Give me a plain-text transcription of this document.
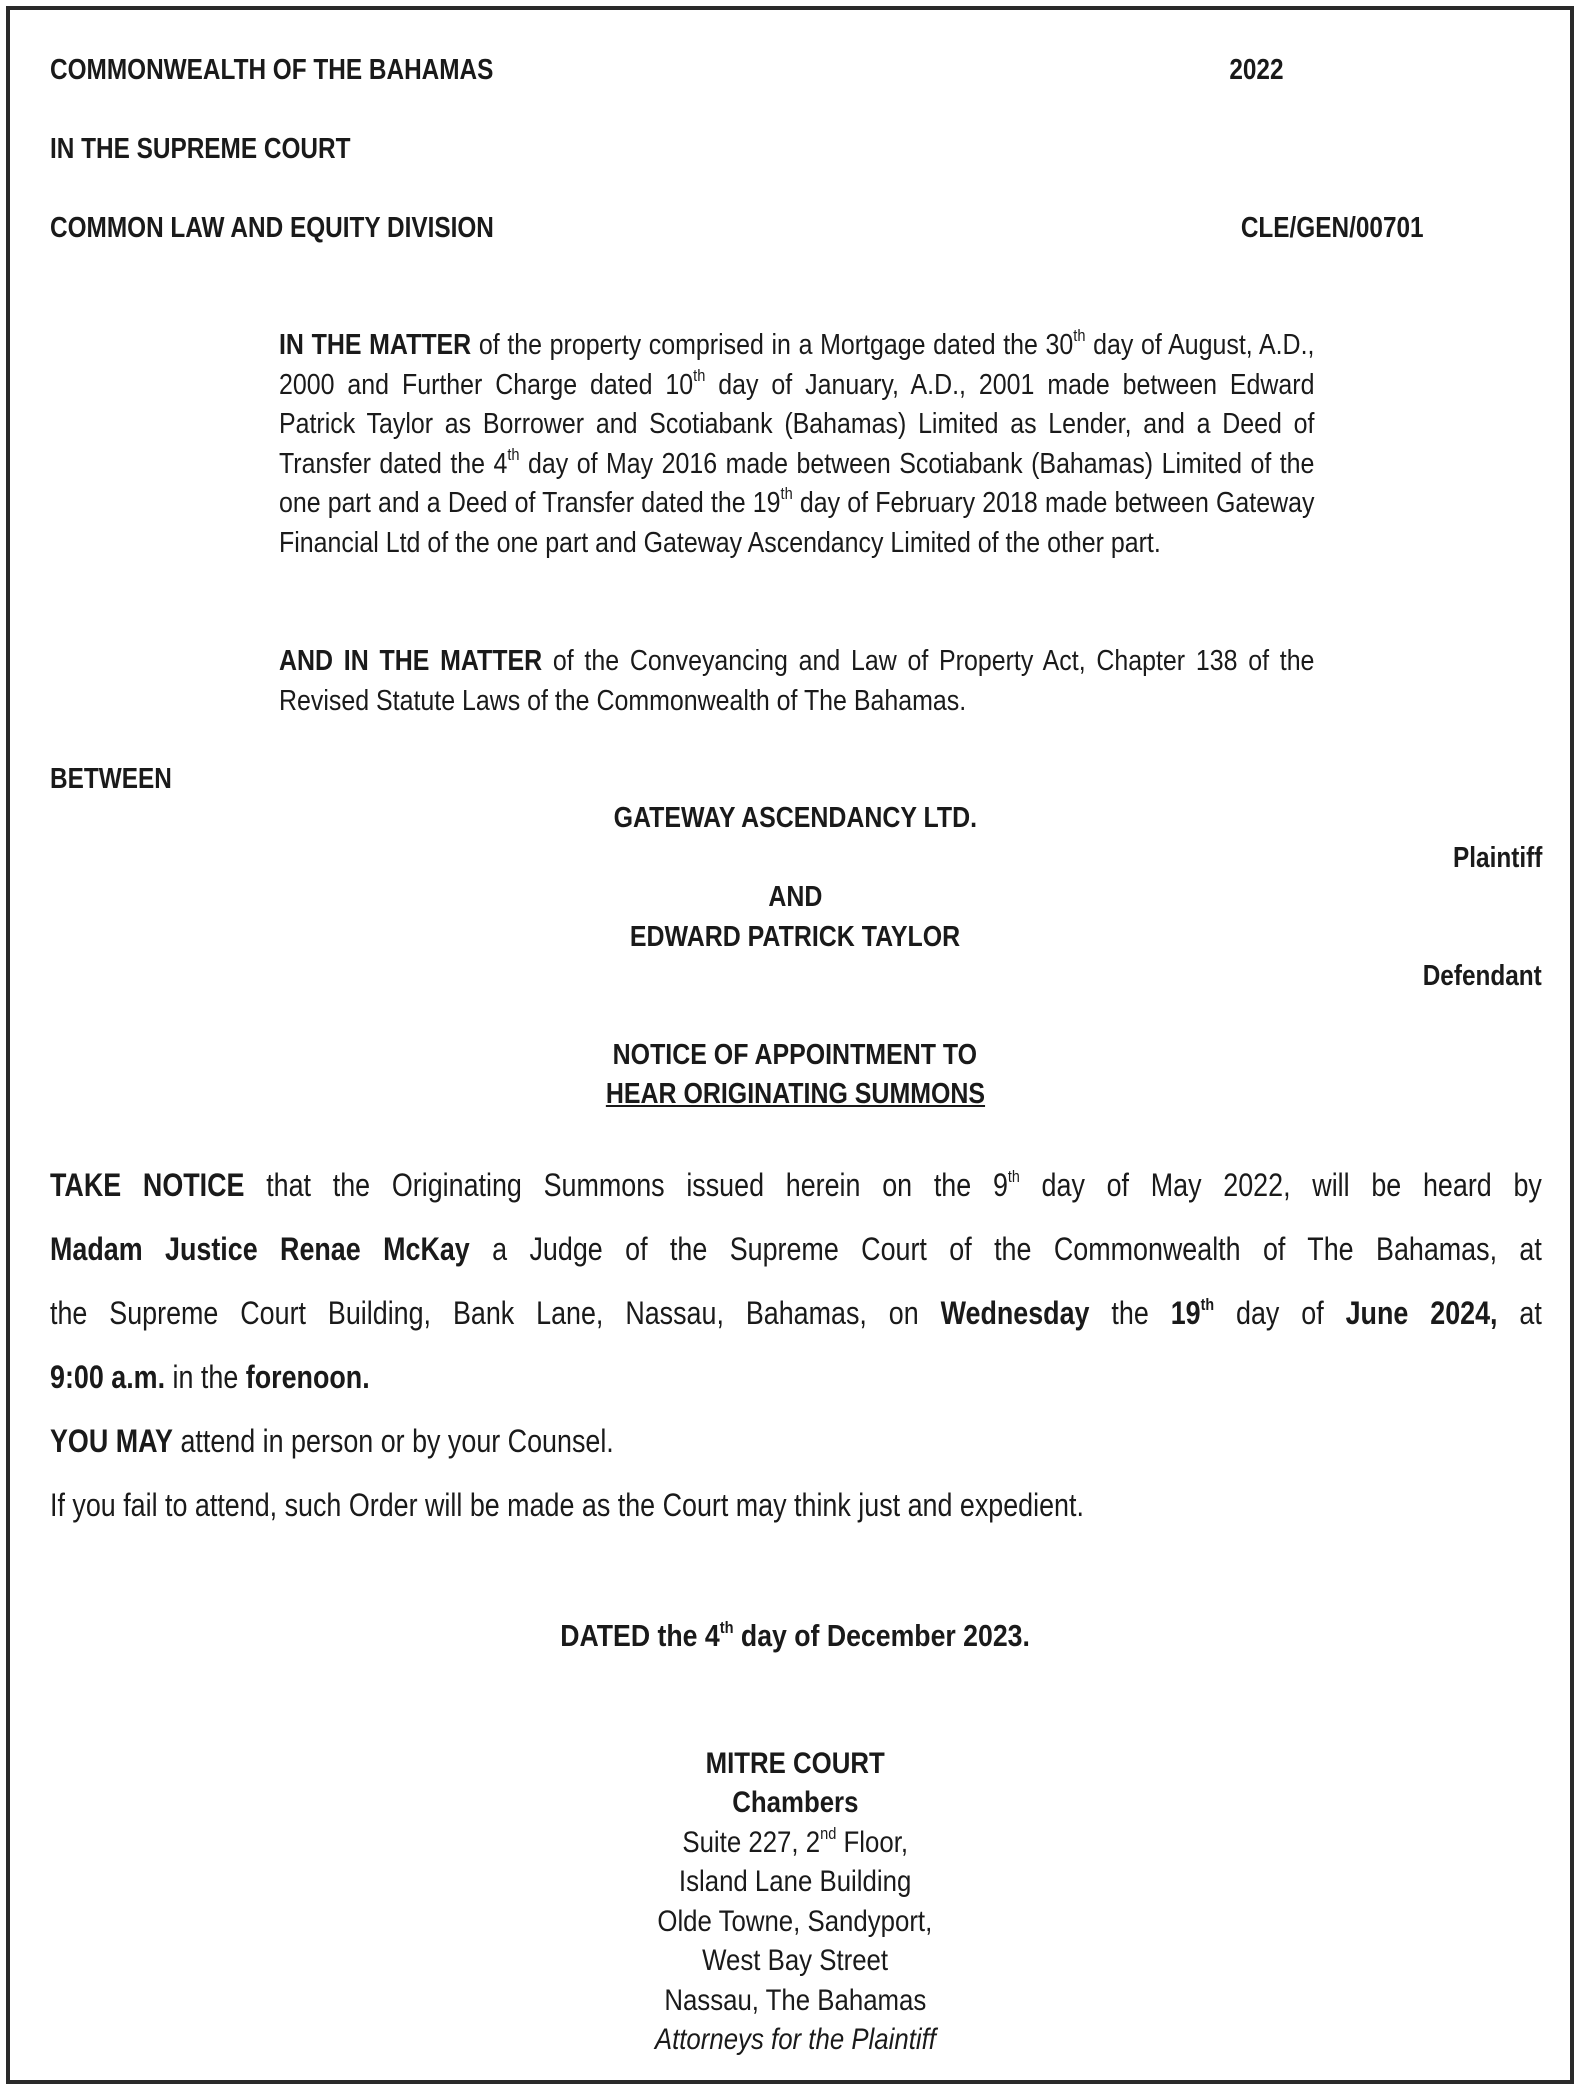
COMMONWEALTH OF THE BAHAMAS	2022
IN THE SUPREME COURT
COMMON LAW AND EQUITY DIVISION	CLE/GEN/00701
IN THE MATTER of the property comprised in a Mortgage dated the 30th day of August, A.D., 2000 and Further Charge dated 10th day of January, A.D., 2001 made between Edward Patrick Taylor as Borrower and Scotiabank (Bahamas) Limited as Lender, and a Deed of Transfer dated the 4th day of May 2016 made between Scotiabank (Bahamas) Limited of the one part and a Deed of Transfer dated the 19th day of February 2018 made between Gateway Financial Ltd of the one part and Gateway Ascendancy Limited of the other part.
AND IN THE MATTER of the Conveyancing and Law of Property Act, Chapter 138 of the Revised Statute Laws of the Commonwealth of The Bahamas.
BETWEEN
GATEWAY ASCENDANCY LTD.
Plaintiff
AND
EDWARD PATRICK TAYLOR
Defendant
NOTICE OF APPOINTMENT TO
HEAR ORIGINATING SUMMONS
TAKE NOTICE that the Originating Summons issued herein on the 9th day of May 2022, will be heard by
Madam Justice Renae McKay a Judge of the Supreme Court of the Commonwealth of The Bahamas, at
the Supreme Court Building, Bank Lane, Nassau, Bahamas, on Wednesday the 19th day of June 2024, at
9:00 a.m. in the forenoon.
YOU MAY attend in person or by your Counsel.
If you fail to attend, such Order will be made as the Court may think just and expedient.
DATED the 4th day of December 2023.
MITRE COURT
Chambers
Suite 227, 2nd Floor,
Island Lane Building
Olde Towne, Sandyport,
West Bay Street
Nassau, The Bahamas
Attorneys for the Plaintiff
